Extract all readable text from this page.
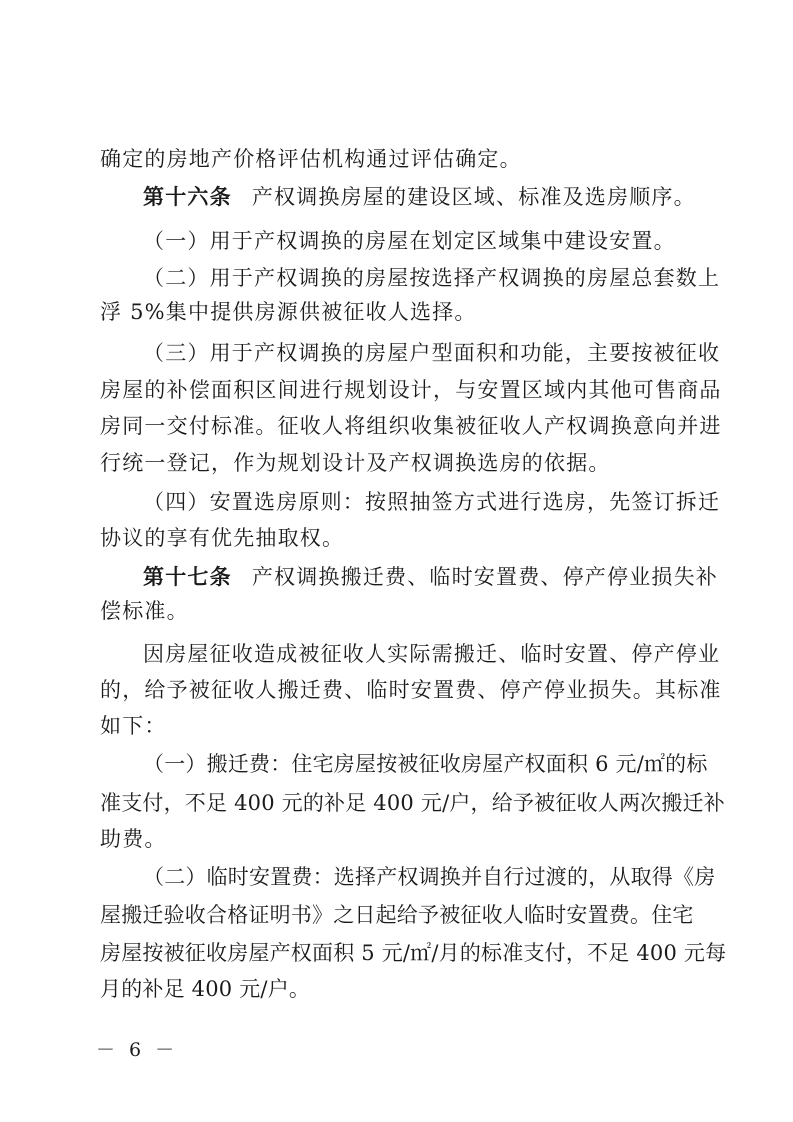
确定的房地产价格评估机构通过评估确定。
第十六条 产权调换房屋的建设区域、标准及选房顺序。
（一）用于产权调换的房屋在划定区域集中建设安置。
（二）用于产权调换的房屋按选择产权调换的房屋总套数上
浮 5%集中提供房源供被征收人选择。
（三）用于产权调换的房屋户型面积和功能，主要按被征收
房屋的补偿面积区间进行规划设计，与安置区域内其他可售商品
房同一交付标准。征收人将组织收集被征收人产权调换意向并进
行统一登记，作为规划设计及产权调换选房的依据。
（四）安置选房原则：按照抽签方式进行选房，先签订拆迁
协议的享有优先抽取权。
第十七条 产权调换搬迁费、临时安置费、停产停业损失补
偿标准。
因房屋征收造成被征收人实际需搬迁、临时安置、停产停业
的，给予被征收人搬迁费、临时安置费、停产停业损失。其标准
如下：
（一）搬迁费：住宅房屋按被征收房屋产权面积 6 元/㎡的标
准支付，不足 400 元的补足 400 元/户，给予被征收人两次搬迁补
助费。
（二）临时安置费：选择产权调换并自行过渡的，从取得《房
屋搬迁验收合格证明书》之日起给予被征收人临时安置费。住宅
房屋按被征收房屋产权面积 5 元/㎡/月的标准支付，不足 400 元每
月的补足 400 元/户。
－ 6 －
